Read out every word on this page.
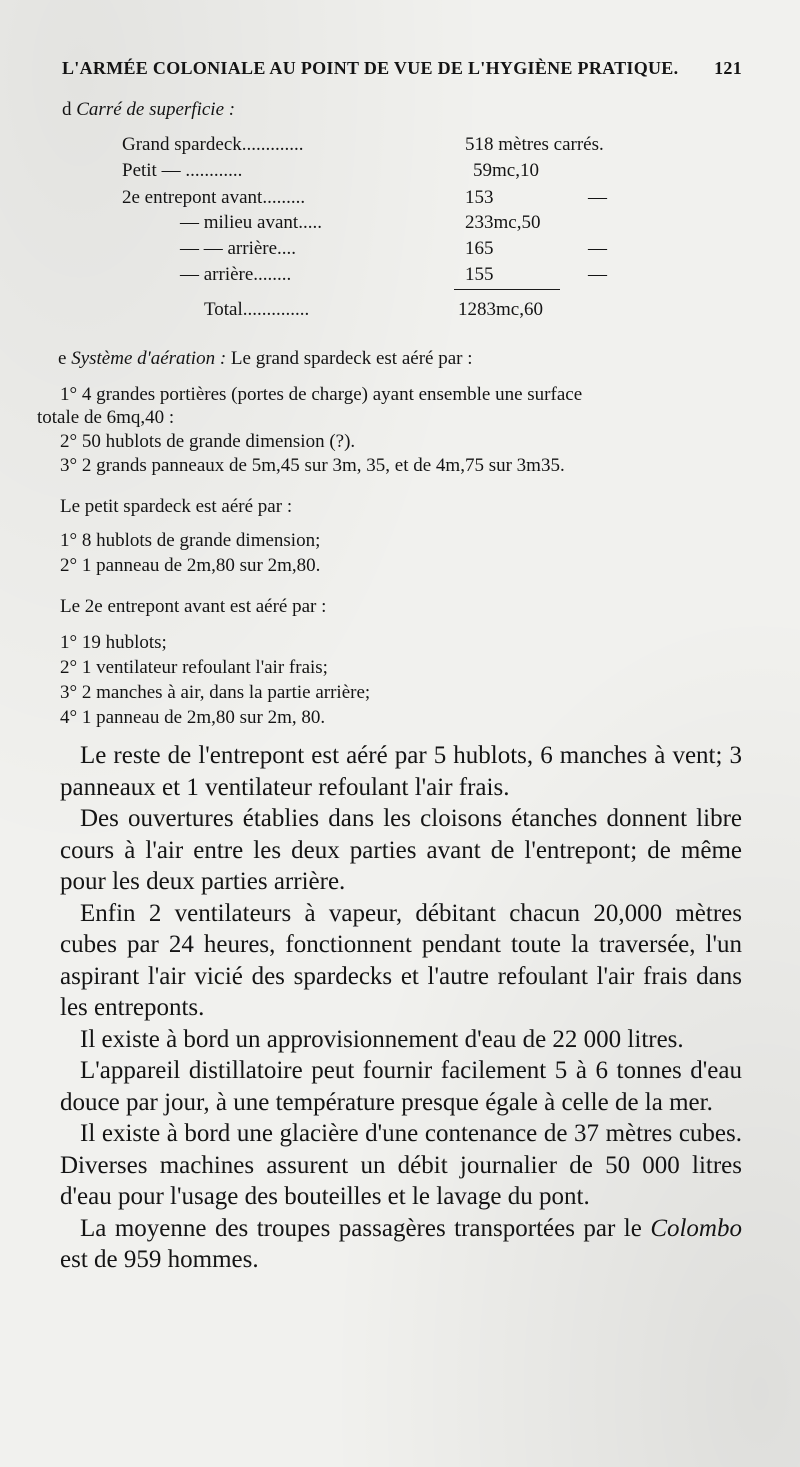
L'ARMÉE COLONIALE AU POINT DE VUE DE L'HYGIÈNE PRATIQUE. 121
d Carré de superficie :
Grand spardeck.............	518 mètres carrés.
Petit — ............	59mc,10
2e entrepont avant.........	153	—
— milieu avant.....	233mc,50
— — arrière....	165	—
— arrière........	155	—
Total..............	1283mc,60
e Système d'aération : Le grand spardeck est aéré par :
1° 4 grandes portières (portes de charge) ayant ensemble une surface
totale de 6mq,40 :
2° 50 hublots de grande dimension (?).
3° 2 grands panneaux de 5m,45 sur 3m, 35, et de 4m,75 sur 3m35.
Le petit spardeck est aéré par :
1° 8 hublots de grande dimension;
2° 1 panneau de 2m,80 sur 2m,80.
Le 2e entrepont avant est aéré par :
1° 19 hublots;
2° 1 ventilateur refoulant l'air frais;
3° 2 manches à air, dans la partie arrière;
4° 1 panneau de 2m,80 sur 2m, 80.

Le reste de l'entrepont est aéré par 5 hublots, 6 manches à vent; 3 panneaux et 1 ventilateur refoulant l'air frais.

Des ouvertures établies dans les cloisons étanches donnent libre cours à l'air entre les deux parties avant de l'entrepont; de même pour les deux parties arrière.

Enfin 2 ventilateurs à vapeur, débitant chacun 20,000 mètres cubes par 24 heures, fonctionnent pendant toute la traversée, l'un aspirant l'air vicié des spardecks et l'autre refoulant l'air frais dans les entreponts.

Il existe à bord un approvisionnement d'eau de 22 000 litres.

L'appareil distillatoire peut fournir facilement 5 à 6 tonnes d'eau douce par jour, à une température presque égale à celle de la mer.

Il existe à bord une glacière d'une contenance de 37 mètres cubes. Diverses machines assurent un débit journalier de 50 000 litres d'eau pour l'usage des bouteilles et le lavage du pont.

La moyenne des troupes passagères transportées par le Colombo est de 959 hommes.
